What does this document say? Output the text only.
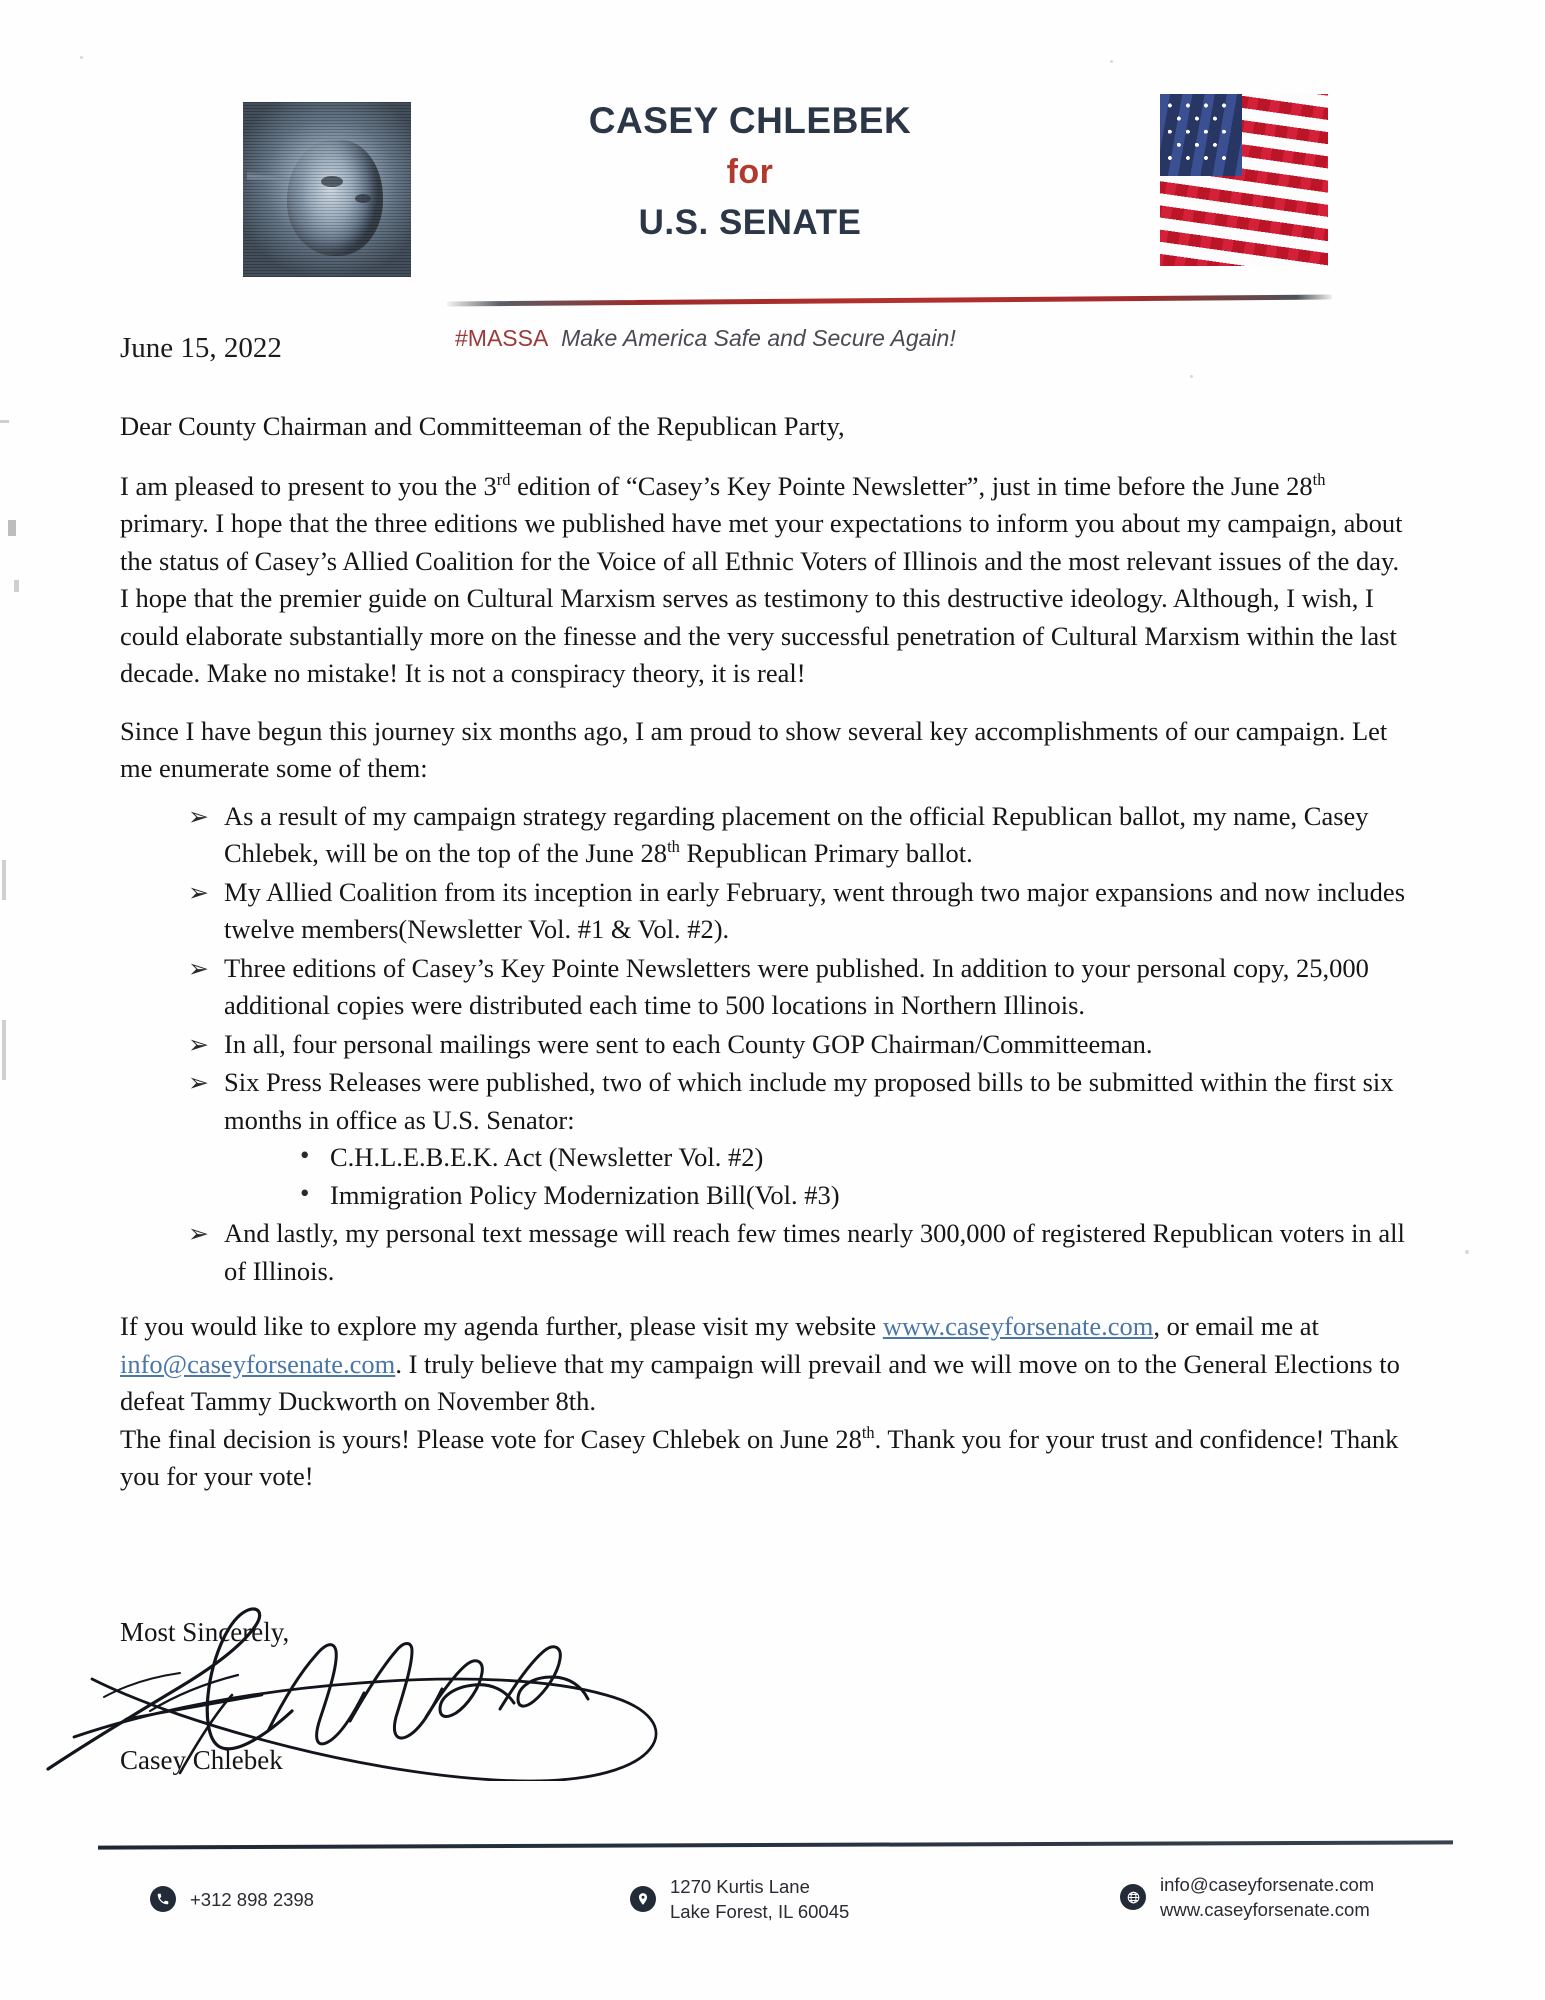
CASEY CHLEBEK
for
U.S. SENATE
#MASSA Make America Safe and Secure Again!
June 15, 2022

Dear County Chairman and Committeeman of the Republican Party,

I am pleased to present to you the 3rd edition of “Casey’s Key Pointe Newsletter”, just in time before the June 28th primary. I hope that the three editions we published have met your expectations to inform you about my campaign, about the status of Casey’s Allied Coalition for the Voice of all Ethnic Voters of Illinois and the most relevant issues of the day. I hope that the premier guide on Cultural Marxism serves as testimony to this destructive ideology. Although, I wish, I could elaborate substantially more on the finesse and the very successful penetration of Cultural Marxism within the last decade. Make no mistake! It is not a conspiracy theory, it is real!

Since I have begun this journey six months ago, I am proud to show several key accomplishments of our campaign. Let me enumerate some of them:

➢ As a result of my campaign strategy regarding placement on the official Republican ballot, my name, Casey Chlebek, will be on the top of the June 28th Republican Primary ballot.
➢ My Allied Coalition from its inception in early February, went through two major expansions and now includes twelve members(Newsletter Vol. #1 & Vol. #2).
➢ Three editions of Casey’s Key Pointe Newsletters were published. In addition to your personal copy, 25,000 additional copies were distributed each time to 500 locations in Northern Illinois.
➢ In all, four personal mailings were sent to each County GOP Chairman/Committeeman.
➢ Six Press Releases were published, two of which include my proposed bills to be submitted within the first six months in office as U.S. Senator:
• C.H.L.E.B.E.K. Act (Newsletter Vol. #2)
• Immigration Policy Modernization Bill(Vol. #3)
➢ And lastly, my personal text message will reach few times nearly 300,000 of registered Republican voters in all of Illinois.

If you would like to explore my agenda further, please visit my website www.caseyforsenate.com, or email me at info@caseyforsenate.com. I truly believe that my campaign will prevail and we will move on to the General Elections to defeat Tammy Duckworth on November 8th.

The final decision is yours! Please vote for Casey Chlebek on June 28th. Thank you for your trust and confidence! Thank you for your vote!

Most Sincerely,
Casey Chlebek
+312 898 2398
1270 Kurtis Lane
Lake Forest, IL 60045
info@caseyforsenate.com
www.caseyforsenate.com
